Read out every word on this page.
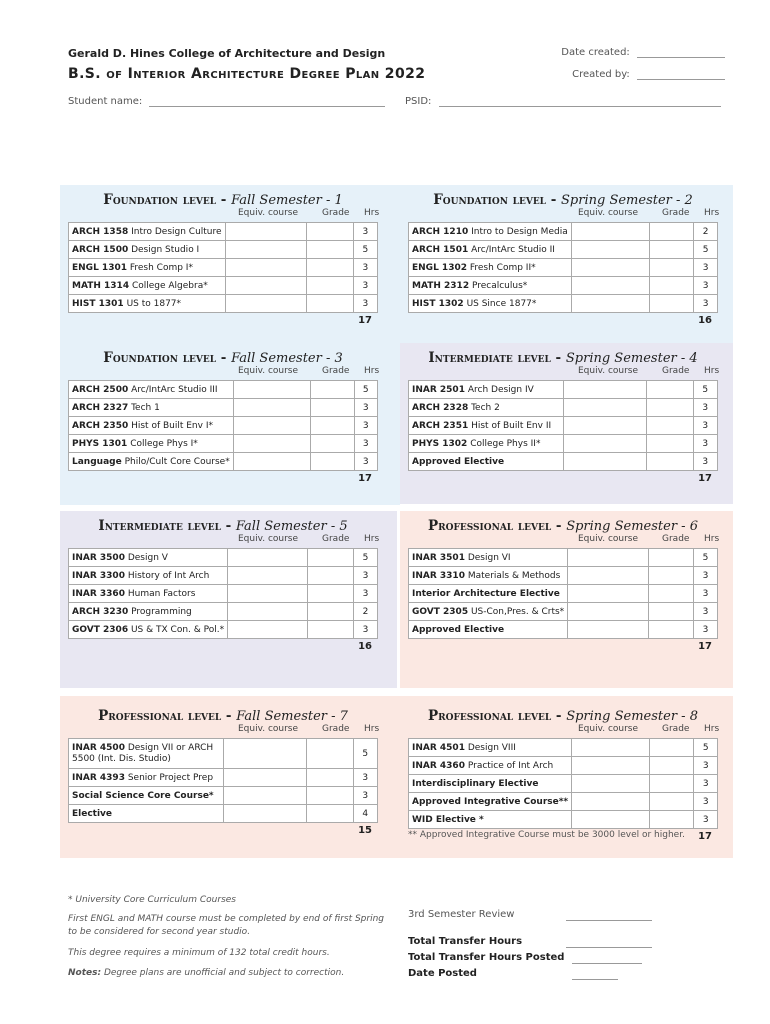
Gerald D. Hines College of Architecture and Design
B.S. of Interior Architecture Degree Plan 2022
Date created:
Created by:
Student name:	PSID:
Foundation level - Fall Semester - 1
Equiv. course	Grade Hrs
ARCH 1358 Intro Design Culture			3
ARCH 1500 Design Studio I			5
ENGL 1301 Fresh Comp I*			3
MATH 1314 College Algebra*			3
HIST 1301 US to 1877*			3
17
Foundation level - Spring Semester - 2
Equiv. course	Grade Hrs
ARCH 1210 Intro to Design Media			2
ARCH 1501 Arc/IntArc Studio II			5
ENGL 1302 Fresh Comp II*			3
MATH 2312 Precalculus*			3
HIST 1302 US Since 1877*			3
16
Foundation level - Fall Semester - 3
Equiv. course	Grade Hrs
ARCH 2500 Arc/IntArc Studio III			5
ARCH 2327 Tech 1			3
ARCH 2350 Hist of Built Env I*			3
PHYS 1301 College Phys I*			3
Language Philo/Cult Core Course*			3
17
Intermediate level - Spring Semester - 4
Equiv. course	Grade Hrs
INAR 2501 Arch Design IV			5
ARCH 2328 Tech 2			3
ARCH 2351 Hist of Built Env II			3
PHYS 1302 College Phys II*			3
Approved Elective			3
17
Intermediate level - Fall Semester - 5
Equiv. course	Grade Hrs
INAR 3500 Design V			5
INAR 3300 History of Int Arch			3
INAR 3360 Human Factors			3
ARCH 3230 Programming			2
GOVT 2306 US & TX Con. & Pol.*			3
16
Professional level - Spring Semester - 6
Equiv. course	Grade Hrs
INAR 3501 Design VI			5
INAR 3310 Materials & Methods			3
Interior Architecture Elective			3
GOVT 2305 US-Con,Pres. & Crts*			3
Approved Elective			3
17
Professional level - Fall Semester - 7
Equiv. course	Grade Hrs
INAR 4500 Design VII or ARCH 5500 (Int. Dis. Studio)			5
INAR 4393 Senior Project Prep			3
Social Science Core Course*			3
Elective			4
15
Professional level - Spring Semester - 8
Equiv. course	Grade Hrs
INAR 4501 Design VIII			5
INAR 4360 Practice of Int Arch			3
Interdisciplinary Elective			3
Approved Integrative Course**			3
WID Elective *			3
17
** Approved Integrative Course must be 3000 level or higher.
* University Core Curriculum Courses
First ENGL and MATH course must be completed by end of first Spring to be considered for second year studio.
This degree requires a minimum of 132 total credit hours.
Notes: Degree plans are unofficial and subject to correction.
3rd Semester Review
Total Transfer Hours
Total Transfer Hours Posted
Date Posted
